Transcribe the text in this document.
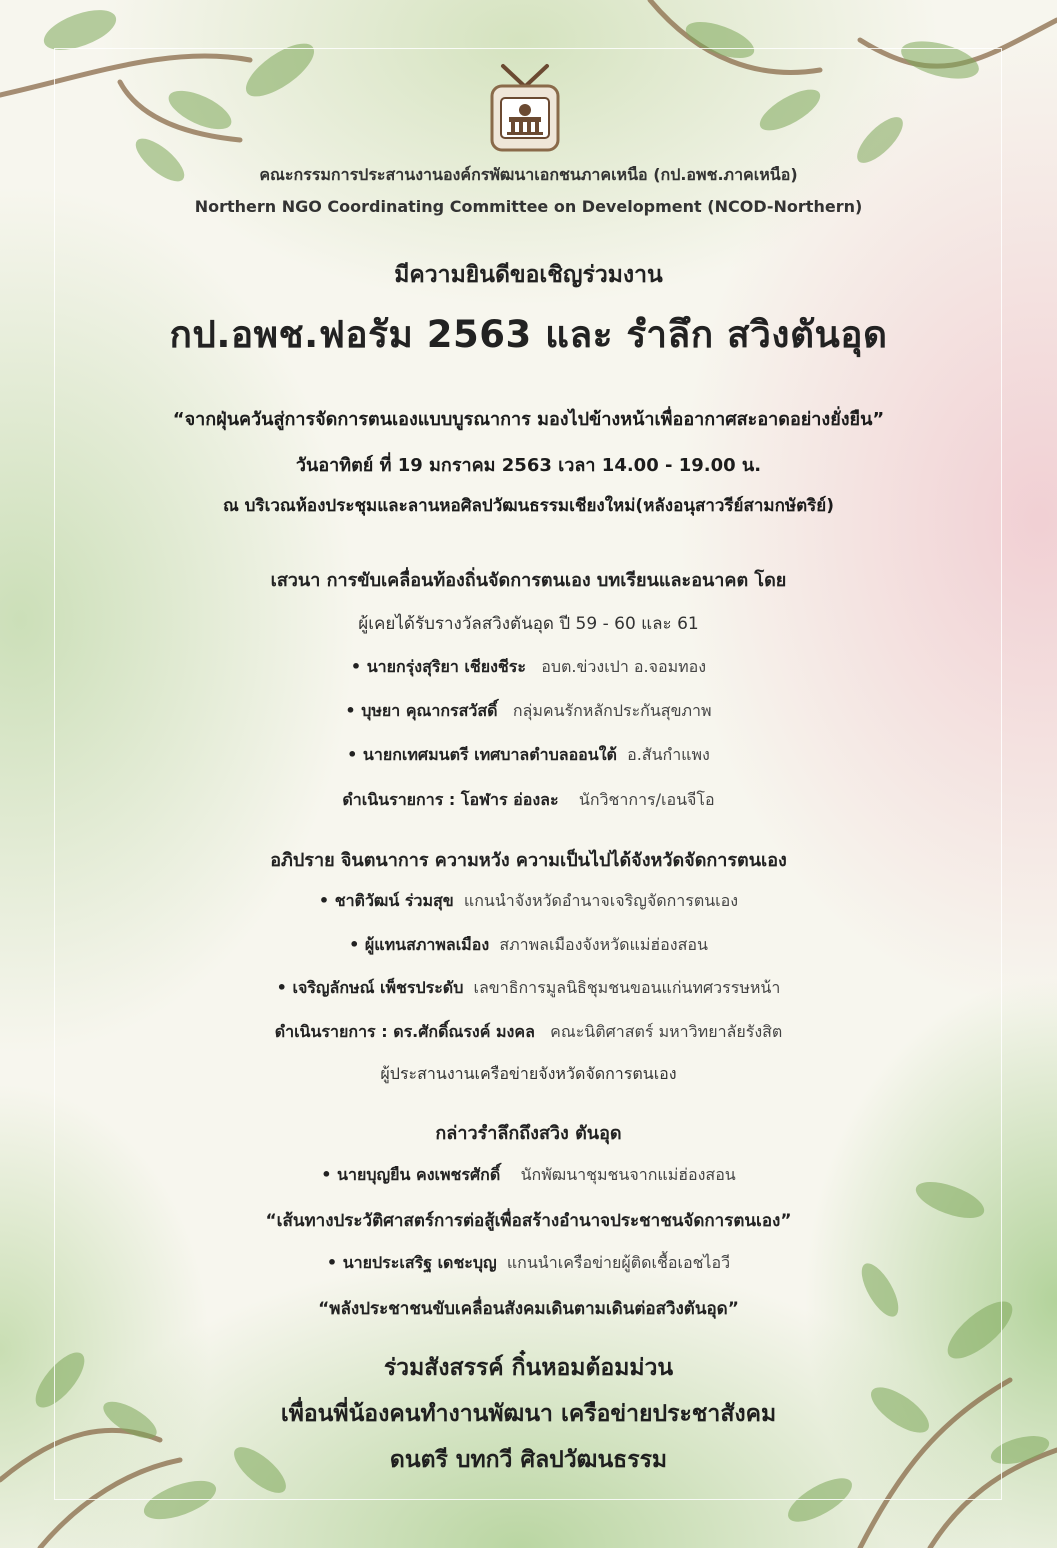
คณะกรรมการประสานงานองค์กรพัฒนาเอกชนภาคเหนือ (กป.อพช.ภาคเหนือ)
Northern NGO Coordinating Committee on Development (NCOD-Northern)
มีความยินดีขอเชิญร่วมงาน
กป.อพช.ฟอรัม 2563 และ รำลึก สวิงตันอุด
“จากฝุ่นควันสู่การจัดการตนเองแบบบูรณาการ มองไปข้างหน้าเพื่ออากาศสะอาดอย่างยั่งยืน”
วันอาทิตย์ ที่ 19 มกราคม 2563 เวลา 14.00 - 19.00 น.
ณ บริเวณห้องประชุมและลานหอศิลปวัฒนธรรมเชียงใหม่(หลังอนุสาวรีย์สามกษัตริย์)
เสวนา การขับเคลื่อนท้องถิ่นจัดการตนเอง บทเรียนและอนาคต โดย
ผู้เคยได้รับรางวัลสวิงตันอุด ปี 59 - 60 และ 61
• นายกรุ่งสุริยา เชียงชีระ อบต.ข่วงเปา อ.จอมทอง
• บุษยา คุณากรสวัสดิ์ กลุ่มคนรักหลักประกันสุขภาพ
• นายกเทศมนตรี เทศบาลตำบลออนใต้ อ.สันกำแพง
ดำเนินรายการ : โอฬาร อ่องละ นักวิชาการ/เอนจีโอ
อภิปราย จินตนาการ ความหวัง ความเป็นไปได้จังหวัดจัดการตนเอง
• ชาติวัฒน์ ร่วมสุข แกนนำจังหวัดอำนาจเจริญจัดการตนเอง
• ผู้แทนสภาพลเมือง สภาพลเมืองจังหวัดแม่ฮ่องสอน
• เจริญลักษณ์ เพ็ชรประดับ เลขาธิการมูลนิธิชุมชนขอนแก่นทศวรรษหน้า
ดำเนินรายการ : ดร.ศักดิ์ณรงค์ มงคล คณะนิติศาสตร์ มหาวิทยาลัยรังสิต
ผู้ประสานงานเครือข่ายจังหวัดจัดการตนเอง
กล่าวรำลึกถึงสวิง ตันอุด
• นายบุญยืน คงเพชรศักดิ์ นักพัฒนาชุมชนจากแม่ฮ่องสอน
“เส้นทางประวัติศาสตร์การต่อสู้เพื่อสร้างอำนาจประชาชนจัดการตนเอง”
• นายประเสริฐ เดชะบุญ แกนนำเครือข่ายผู้ติดเชื้อเอชไอวี
“พลังประชาชนขับเคลื่อนสังคมเดินตามเดินต่อสวิงตันอุด”
ร่วมสังสรรค์ กิ๋นหอมต้อมม่วน
เพื่อนพี่น้องคนทำงานพัฒนา เครือข่ายประชาสังคม
ดนตรี บทกวี ศิลปวัฒนธรรม
